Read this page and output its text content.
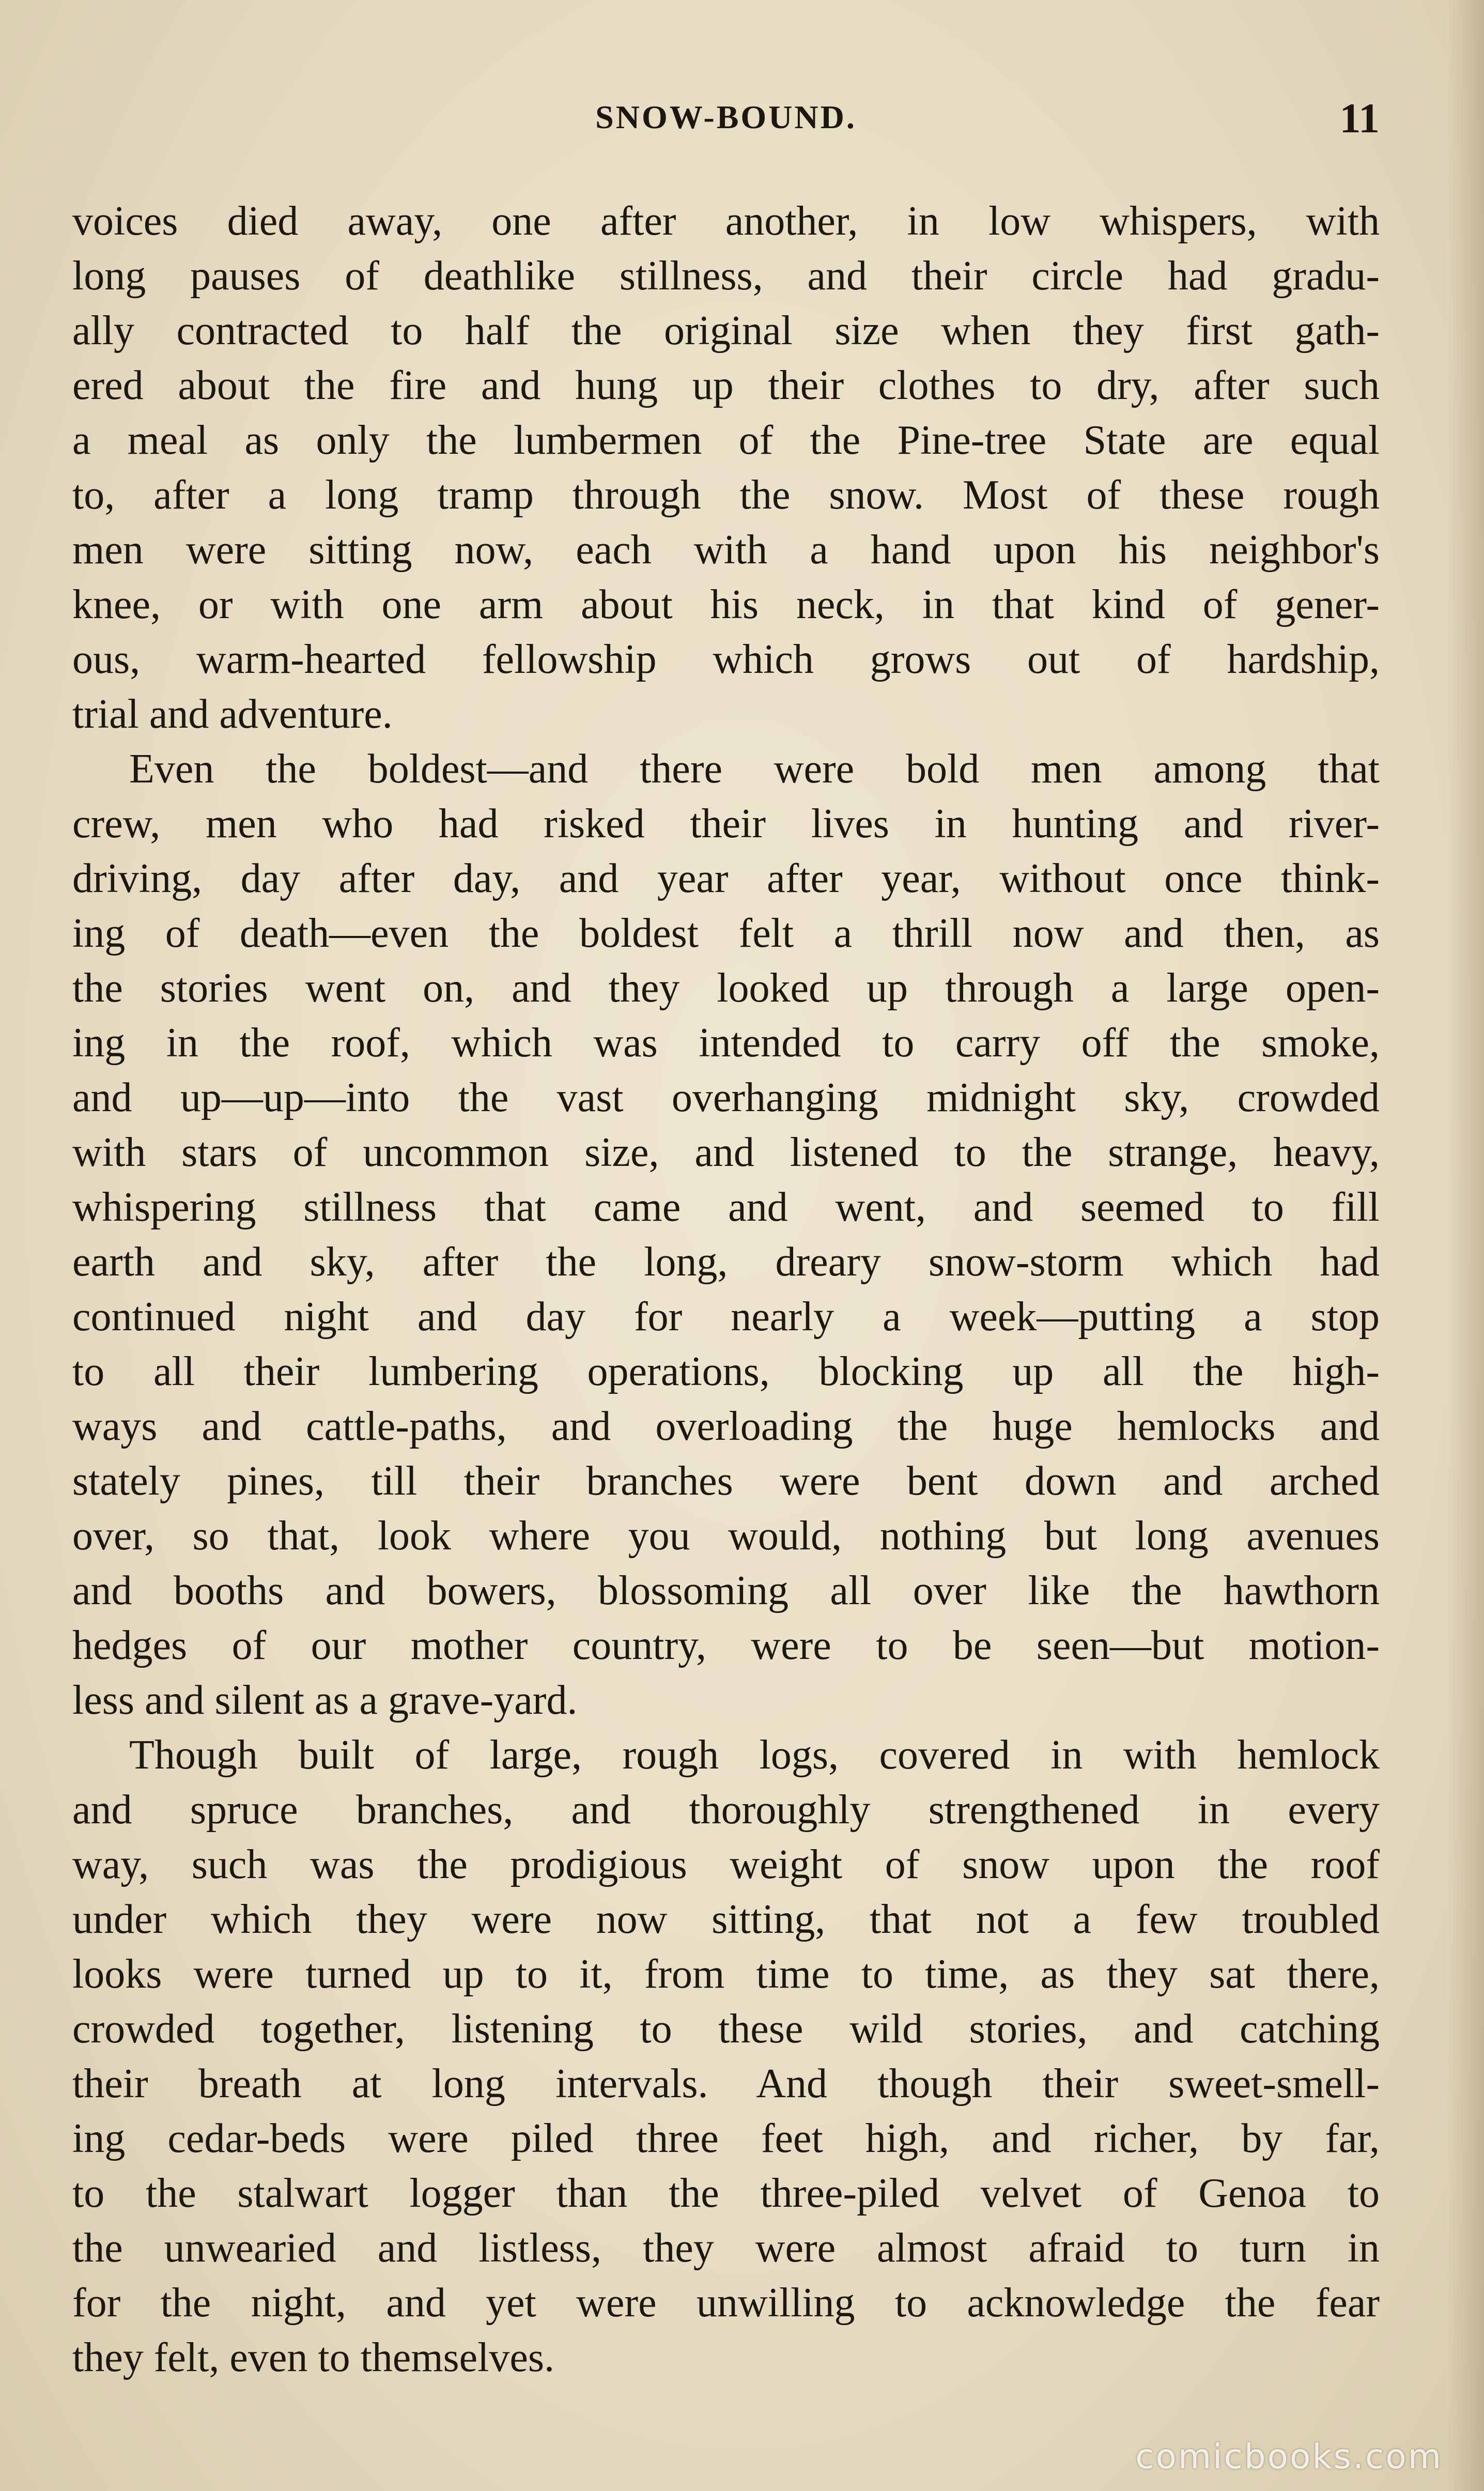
SNOW-BOUND.	11
voices died away, one after another, in low whispers, with
long pauses of deathlike stillness, and their circle had gradu-
ally contracted to half the original size when they first gath-
ered about the fire and hung up their clothes to dry, after such
a meal as only the lumbermen of the Pine-tree State are equal
to, after a long tramp through the snow. Most of these rough
men were sitting now, each with a hand upon his neighbor's
knee, or with one arm about his neck, in that kind of gener-
ous, warm-hearted fellowship which grows out of hardship,
trial and adventure.
Even the boldest—and there were bold men among that
crew, men who had risked their lives in hunting and river-
driving, day after day, and year after year, without once think-
ing of death—even the boldest felt a thrill now and then, as
the stories went on, and they looked up through a large open-
ing in the roof, which was intended to carry off the smoke,
and up—up—into the vast overhanging midnight sky, crowded
with stars of uncommon size, and listened to the strange, heavy,
whispering stillness that came and went, and seemed to fill
earth and sky, after the long, dreary snow-storm which had
continued night and day for nearly a week—putting a stop
to all their lumbering operations, blocking up all the high-
ways and cattle-paths, and overloading the huge hemlocks and
stately pines, till their branches were bent down and arched
over, so that, look where you would, nothing but long avenues
and booths and bowers, blossoming all over like the hawthorn
hedges of our mother country, were to be seen—but motion-
less and silent as a grave-yard.
Though built of large, rough logs, covered in with hemlock
and spruce branches, and thoroughly strengthened in every
way, such was the prodigious weight of snow upon the roof
under which they were now sitting, that not a few troubled
looks were turned up to it, from time to time, as they sat there,
crowded together, listening to these wild stories, and catching
their breath at long intervals. And though their sweet-smell-
ing cedar-beds were piled three feet high, and richer, by far,
to the stalwart logger than the three-piled velvet of Genoa to
the unwearied and listless, they were almost afraid to turn in
for the night, and yet were unwilling to acknowledge the fear
they felt, even to themselves.
comicbooks.com
